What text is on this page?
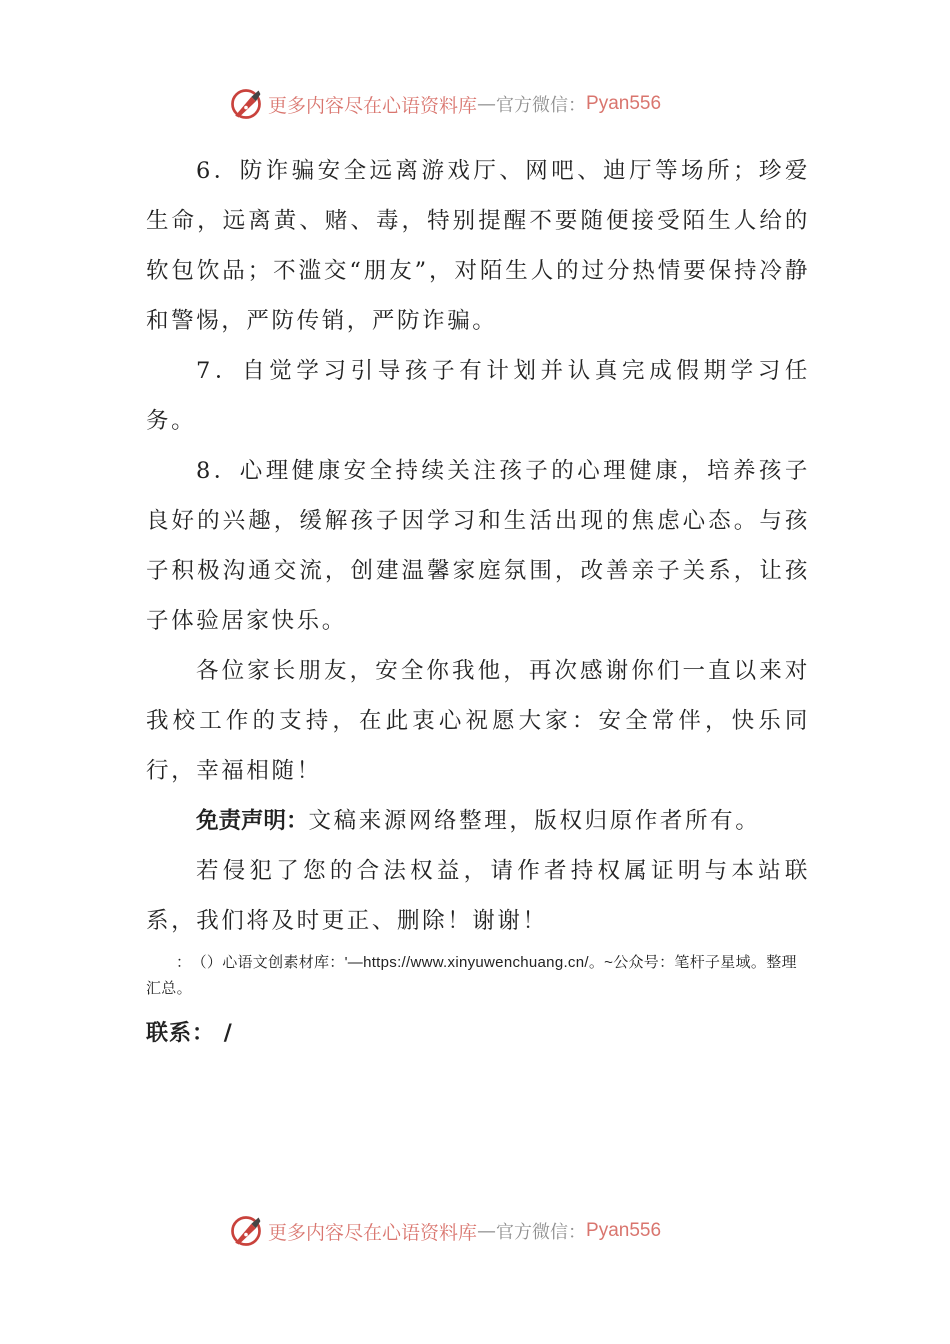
更多内容尽在心语资料库 — 官方微信： Pyan556

6．防诈骗安全远离游戏厅、网吧、迪厅等场所；珍爱生命，远离黄、赌、毒，特别提醒不要随便接受陌生人给的软包饮品；不滥交“朋友”，对陌生人的过分热情要保持冷静和警惕，严防传销，严防诈骗。

7．自觉学习引导孩子有计划并认真完成假期学习任务。

8．心理健康安全持续关注孩子的心理健康，培养孩子良好的兴趣，缓解孩子因学习和生活出现的焦虑心态。与孩子积极沟通交流，创建温馨家庭氛围，改善亲子关系，让孩子体验居家快乐。

各位家长朋友，安全你我他，再次感谢你们一直以来对我校工作的支持，在此衷心祝愿大家：安全常伴，快乐同行，幸福相随！

免责声明：文稿来源网络整理，版权归原作者所有。

若侵犯了您的合法权益，请作者持权属证明与本站联系，我们将及时更正、删除！谢谢！

：　（）心语文创素材库：'—https://www.xinyuwenchuang.cn/。~公众号：笔杆子星域。整理汇总。

联系： /
更多内容尽在心语资料库 — 官方微信： Pyan556
